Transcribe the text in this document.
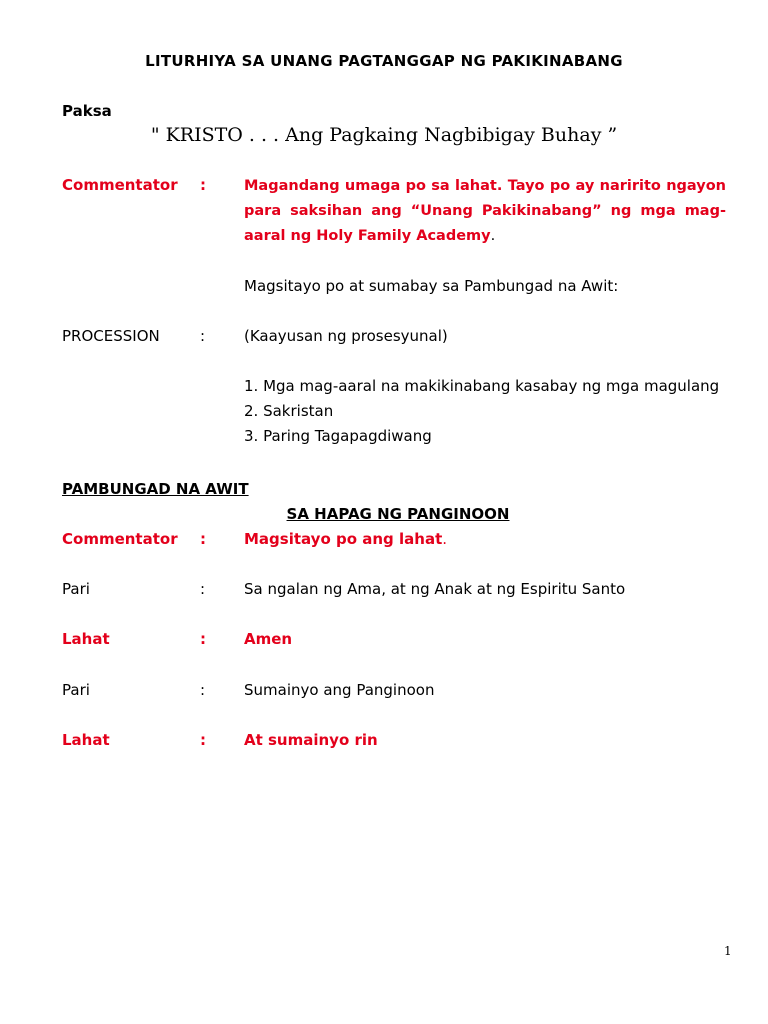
LITURHIYA SA UNANG PAGTANGGAP NG PAKIKINABANG
Paksa
" KRISTO . . . Ang Pagkaing Nagbibigay Buhay ”
Commentator :	Magandang umaga po sa lahat. Tayo po ay naririto ngayon para saksihan ang “Unang Pakikinabang” ng mga mag-aaral ng Holy Family Academy.
Magsitayo po at sumabay sa Pambungad na Awit:
PROCESSION	:	(Kaayusan ng prosesyunal)
1. Mga mag-aaral na makikinabang kasabay ng mga magulang
2. Sakristan
3. Paring Tagapagdiwang
PAMBUNGAD NA AWIT
SA HAPAG NG PANGINOON
Commentator :	Magsitayo po ang lahat.
Pari	:	Sa ngalan ng Ama, at ng Anak at ng Espiritu Santo
Lahat	:	Amen
Pari	:	Sumainyo ang Panginoon
Lahat	:	At sumainyo rin
1
